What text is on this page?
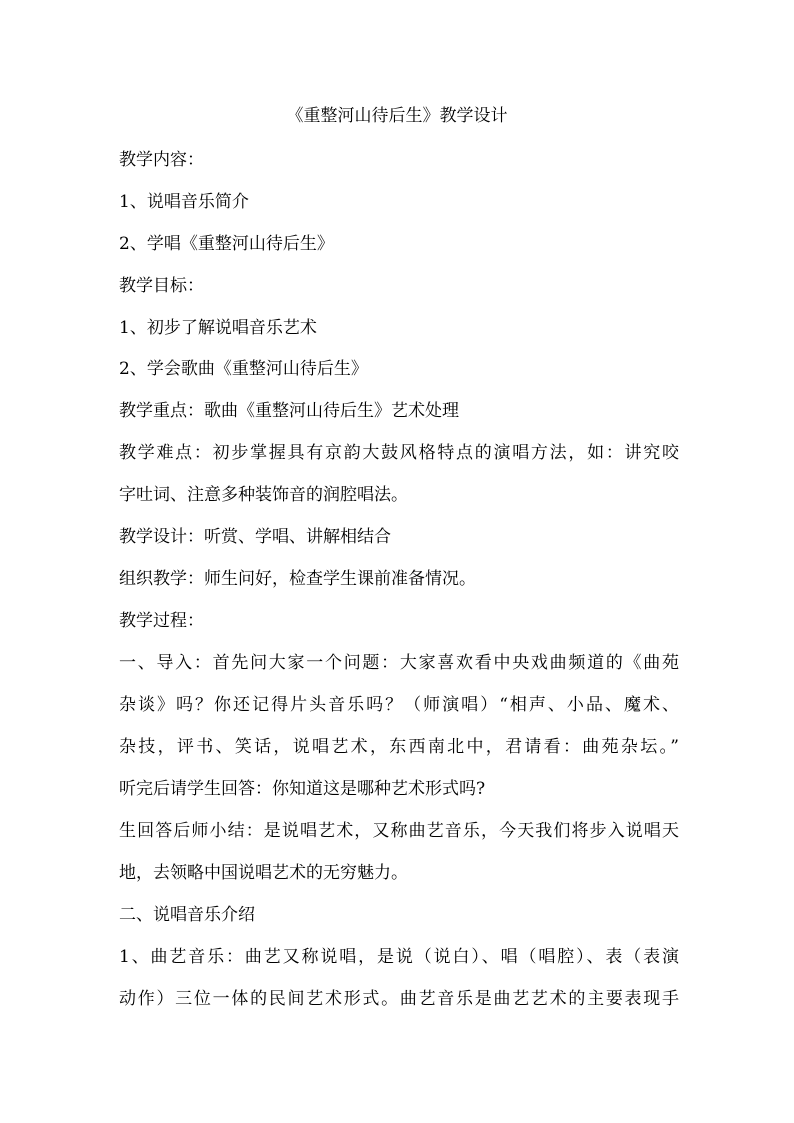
《重整河山待后生》教学设计
教学内容：
1、说唱音乐简介
2、学唱《重整河山待后生》
教学目标：
1、初步了解说唱音乐艺术
2、学会歌曲《重整河山待后生》
教学重点：歌曲《重整河山待后生》艺术处理
教学难点：初步掌握具有京韵大鼓风格特点的演唱方法，如：讲究咬
字吐词、注意多种装饰音的润腔唱法。
教学设计：听赏、学唱、讲解相结合
组织教学：师生问好，检查学生课前准备情况。
教学过程：
一、导入：首先问大家一个问题：大家喜欢看中央戏曲频道的《曲苑
杂谈》吗？你还记得片头音乐吗？（师演唱）“相声、小品、魔术、
杂技，评书、笑话，说唱艺术，东西南北中，君请看：曲苑杂坛。”
听完后请学生回答：你知道这是哪种艺术形式吗?
生回答后师小结：是说唱艺术，又称曲艺音乐，今天我们将步入说唱天
地，去领略中国说唱艺术的无穷魅力。
二、说唱音乐介绍
1、曲艺音乐：曲艺又称说唱，是说（说白）、唱（唱腔）、表（表演
动作）三位一体的民间艺术形式。曲艺音乐是曲艺艺术的主要表现手
